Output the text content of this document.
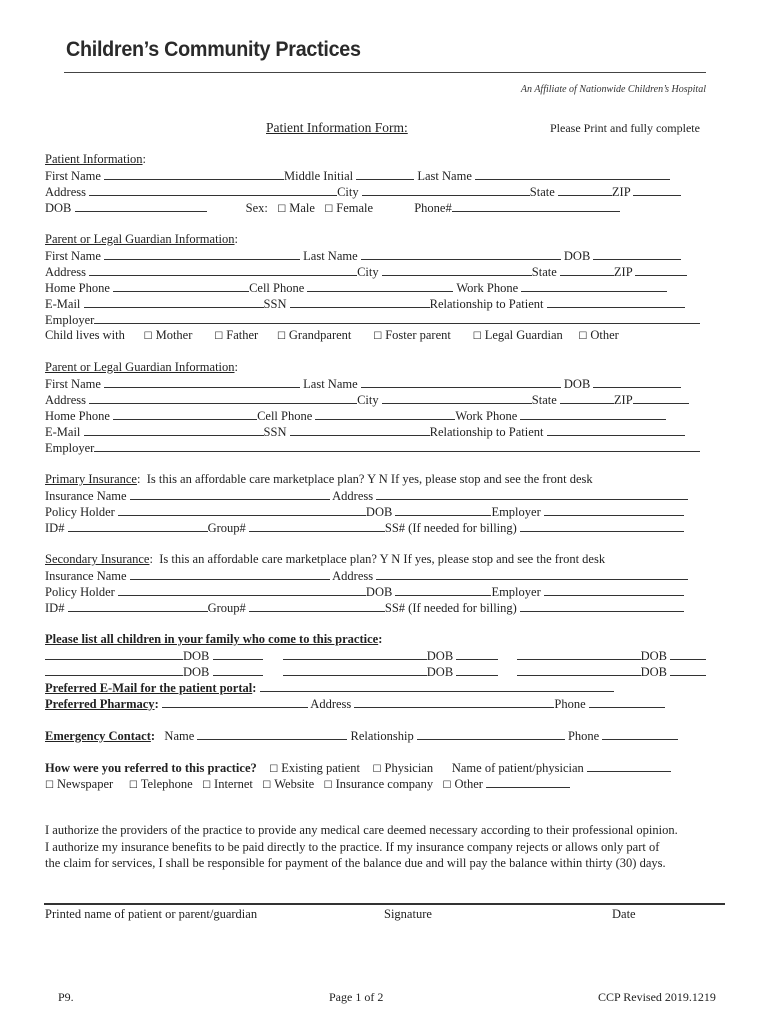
Children’s Community Practices
An Affiliate of Nationwide Children’s Hospital
Patient Information Form:	Please Print and fully complete
Patient Information:
First Name	Middle Initial	Last Name
Address	City	State	ZIP
DOB	Sex: ☐ Male ☐ Female	Phone#
Parent or Legal Guardian Information:
First Name	Last Name	DOB
Address	City	State	ZIP
Home Phone	Cell Phone	Work Phone
E-Mail	SSN	Relationship to Patient
Employer
Child lives with ☐ Mother ☐ Father ☐ Grandparent ☐ Foster parent ☐ Legal Guardian ☐ Other
Parent or Legal Guardian Information:
First Name	Last Name	DOB
Address	City	State	ZIP
Home Phone	Cell Phone	Work Phone
E-Mail	SSN	Relationship to Patient
Employer
Primary Insurance:  Is this an affordable care marketplace plan? Y N If yes, please stop and see the front desk
Insurance Name	Address
Policy Holder	DOB	Employer
ID#	Group#	SS# (If needed for billing)
Secondary Insurance:  Is this an affordable care marketplace plan? Y N If yes, please stop and see the front desk
Insurance Name	Address
Policy Holder	DOB	Employer
ID#	Group#	SS# (If needed for billing)
Please list all children in your family who come to this practice:
DOB	DOB	DOB
DOB	DOB	DOB
Preferred E-Mail for the patient portal:
Preferred Pharmacy:	Address	Phone
Emergency Contact: Name	Relationship	Phone
How were you referred to this practice? ☐ Existing patient ☐ Physician Name of patient/physician
☐ Newspaper ☐ Telephone ☐ Internet ☐ Website ☐ Insurance company ☐ Other
I authorize the providers of the practice to provide any medical care deemed necessary according to their professional opinion.
I authorize my insurance benefits to be paid directly to the practice. If my insurance company rejects or allows only part of
the claim for services, I shall be responsible for payment of the balance due and will pay the balance within thirty (30) days.
Printed name of patient or parent/guardian	Signature	Date
P9.	Page 1 of 2	CCP Revised 2019.1219
